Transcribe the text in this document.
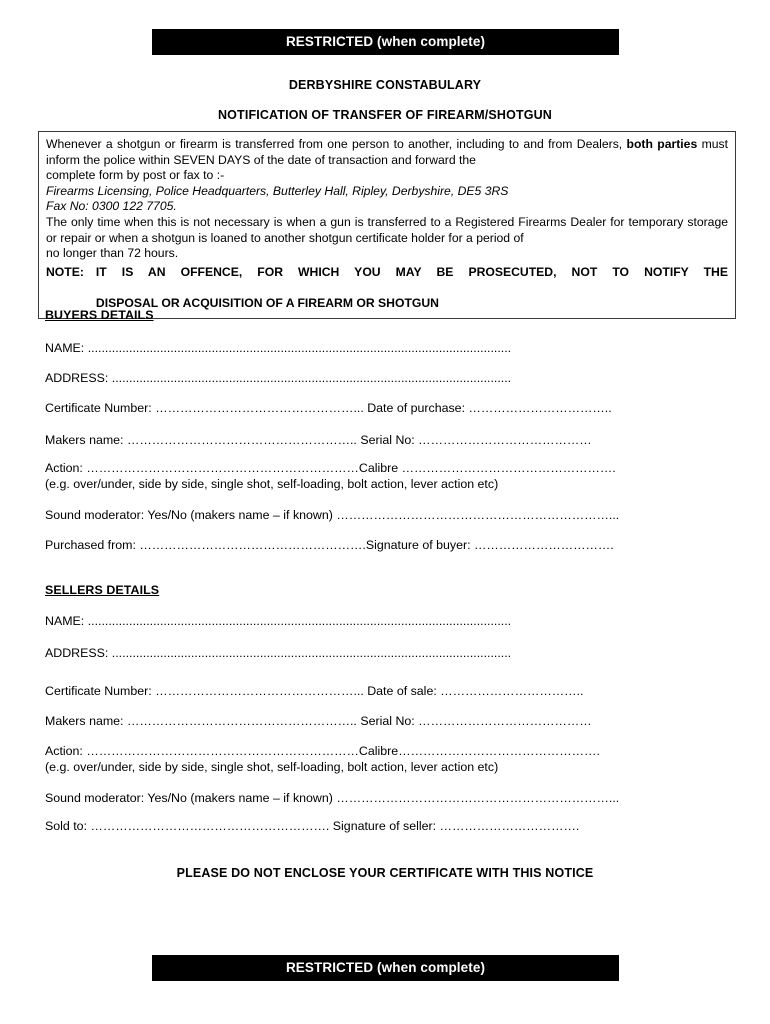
RESTRICTED (when complete)
DERBYSHIRE CONSTABULARY
NOTIFICATION OF TRANSFER OF FIREARM/SHOTGUN

Whenever a shotgun or firearm is transferred from one person to another, including to and from Dealers, both parties must inform the police within SEVEN DAYS of the date of transaction and forward the
complete form by post or fax to :-

Firearms Licensing, Police Headquarters, Butterley Hall, Ripley, Derbyshire, DE5 3RS

Fax No: 0300 122 7705.

The only time when this is not necessary is when a gun is transferred to a Registered Firearms Dealer for temporary storage or repair or when a shotgun is loaned to another shotgun certificate holder for a period of
no longer than 72 hours.

NOTE: IT IS AN OFFENCE, FOR WHICH YOU MAY BE PROSECUTED, NOT TO NOTIFY THE
DISPOSAL OR ACQUISITION OF A FIREARM OR SHOTGUN
BUYERS DETAILS
NAME: ...........................................................................................................................
ADDRESS: ....................................................................................................................
Certificate Number: …………………………………………... Date of purchase: ……………………………..
Makers name: ……………………………………………….. Serial No: ……………………………………
Action: …………………………………………………………Calibre …………………………………………….
(e.g. over/under, side by side, single shot, self-loading, bolt action, lever action etc)
Sound moderator: Yes/No (makers name – if known) …………………………………………………………...
Purchased from: ……………………………………………….Signature of buyer: …………………………….
SELLERS DETAILS
NAME: ...........................................................................................................................
ADDRESS: ....................................................................................................................
Certificate Number: …………………………………………... Date of sale: ……………………………..
Makers name: ……………………………………………….. Serial No: ……………………………………
Action: …………………………………………………………Calibre………………………………………….
(e.g. over/under, side by side, single shot, self-loading, bolt action, lever action etc)
Sound moderator: Yes/No (makers name – if known) …………………………………………………………...
Sold to: …………………………………………………. Signature of seller: …………………………….
PLEASE DO NOT ENCLOSE YOUR CERTIFICATE WITH THIS NOTICE
RESTRICTED (when complete)
